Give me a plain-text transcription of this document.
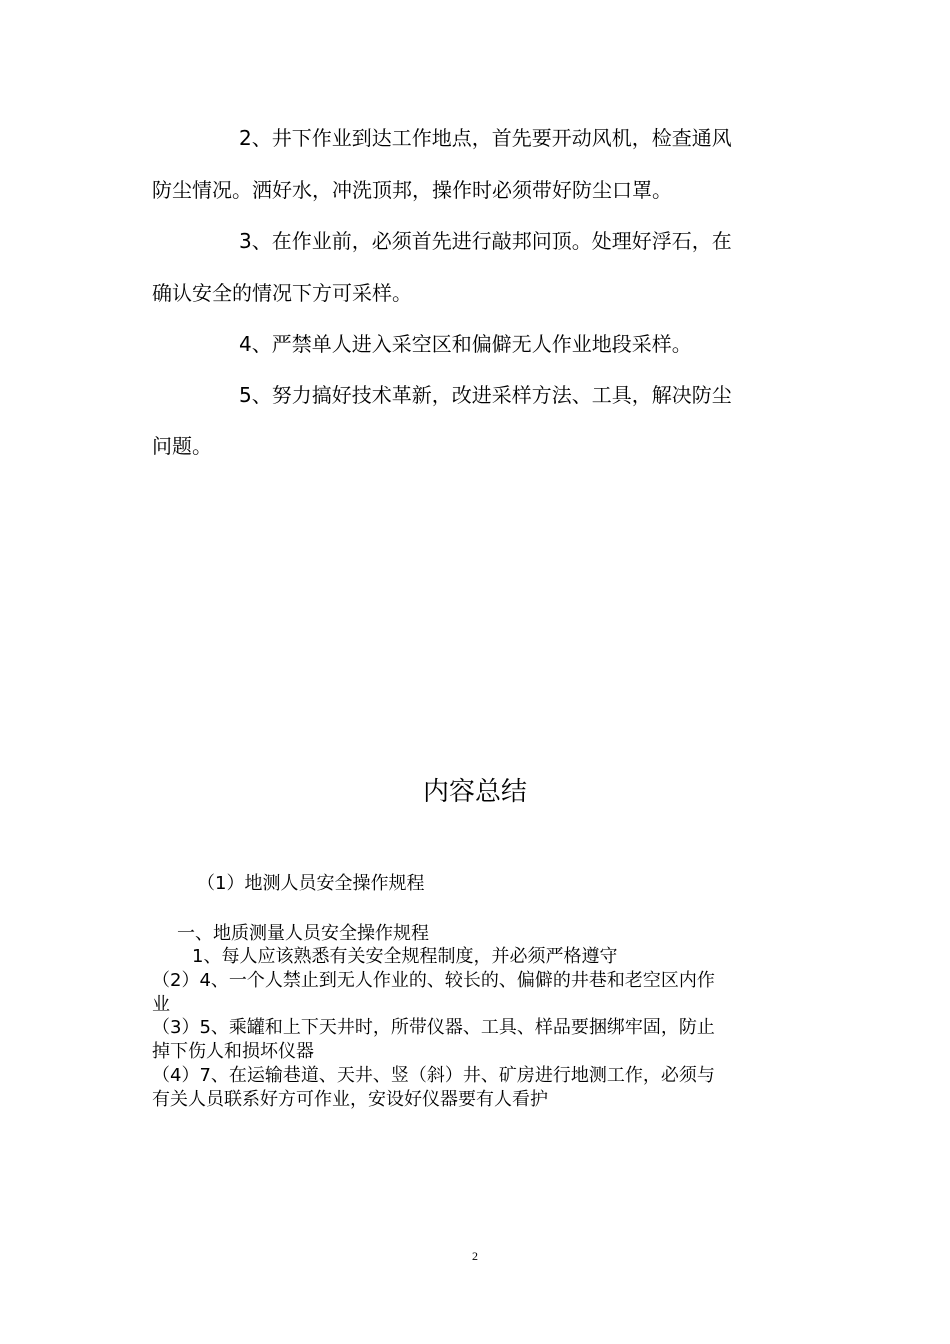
2、井下作业到达工作地点，首先要开动风机，检查通风
防尘情况。洒好水，冲洗顶邦，操作时必须带好防尘口罩。
3、在作业前，必须首先进行敲邦问顶。处理好浮石，在
确认安全的情况下方可采样。
4、严禁单人进入采空区和偏僻无人作业地段采样。
5、努力搞好技术革新，改进采样方法、工具，解决防尘
问题。
内容总结
（1）地测人员安全操作规程
一、地质测量人员安全操作规程
1、每人应该熟悉有关安全规程制度，并必须严格遵守
（2）4、一个人禁止到无人作业的、较长的、偏僻的井巷和老空区内作
业
（3）5、乘罐和上下天井时，所带仪器、工具、样品要捆绑牢固，防止
掉下伤人和损坏仪器
（4）7、在运输巷道、天井、竖（斜）井、矿房进行地测工作，必须与
有关人员联系好方可作业，安设好仪器要有人看护
2
